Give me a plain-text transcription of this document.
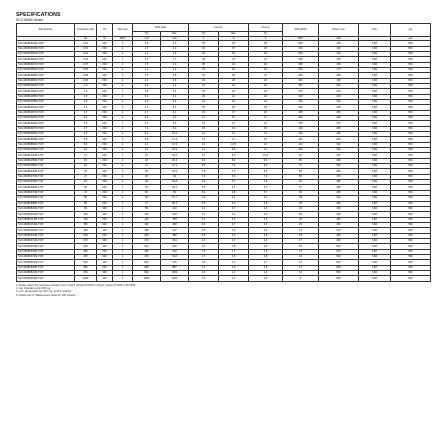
SPECIFICATIONS
SCC16080 Series
Part Number	Inductance (uH)	Tol	Test Freq	DCR (mΩ)		Isat (A)		Irms (A)	SRF (MHz)	Power Loss	Pkg	Qty
				Typ	Max	Typ	Max	Typ				
	uH	%	MHz	mΩ	mΩ	A	A	A	MHz	mW		pcs
SCC16080R10M-TOP	0.10	±20	1	0.9	1.2	45	40	38	800	120	T&R	500
SCC16080R15M-TOP	0.15	±20	1	1.0	1.3	42	37	36	700	130	T&R	500
SCC16080R22M-TOP	0.22	±20	1	1.1	1.5	40	35	34	600	140	T&R	500
SCC16080R33M-TOP	0.33	±20	1	1.3	1.7	38	33	32	500	150	T&R	500
SCC16080R47M-TOP	0.47	±20	1	1.5	2.0	35	31	30	450	160	T&R	500
SCC16080R56M-TOP	0.56	±20	1	1.7	2.2	33	29	29	400	170	T&R	500
SCC16080R68M-TOP	0.68	±20	1	1.9	2.5	31	28	27	360	180	T&R	500
SCC16080R82M-TOP	0.82	±20	1	2.2	2.8	29	26	26	330	190	T&R	500
SCC160801R0M-TOP	1.0	±20	1	2.5	3.2	27	24	25	300	200	T&R	500
SCC160801R2M-TOP	1.2	±20	1	2.8	3.6	25	22	23	270	210	T&R	500
SCC160801R5M-TOP	1.5	±20	1	3.2	4.1	23	21	22	240	220	T&R	500
SCC160801R8M-TOP	1.8	±20	1	3.6	4.6	22	20	21	220	230	T&R	500
SCC160802R2M-TOP	2.2	±20	1	4.1	5.3	20	18	19	200	240	T&R	500
SCC160802R7M-TOP	2.7	±20	1	4.7	6.1	19	17	18	180	250	T&R	500
SCC160803R3M-TOP	3.3	±20	1	5.4	7.0	17	15	17	160	260	T&R	500
SCC160803R9M-TOP	3.9	±20	1	6.2	8.0	16	14	16	150	270	T&R	500
SCC160804R7M-TOP	4.7	±20	1	7.1	9.2	15	13	15	140	280	T&R	500
SCC160805R6M-TOP	5.6	±20	1	8.2	10.6	14	12	14	130	290	T&R	500
SCC160806R8M-TOP	6.8	±20	1	9.5	12.3	13	11	13	120	300	T&R	500
SCC160808R2M-TOP	8.2	±20	1	11	14.3	12	10.5	12	110	310	T&R	500
SCC16080100M-TOP	10	±20	1	13	16.9	11	9.8	11	100	320	T&R	500
SCC16080120M-TOP	12	±20	1	15	19.5	10	9.0	10.5	90	330	T&R	500
SCC16080150M-TOP	15	±20	1	18	23.4	9.2	8.2	9.6	80	340	T&R	500
SCC16080180M-TOP	18	±20	1	21	27.3	8.5	7.6	8.9	72	350	T&R	500
SCC16080220M-TOP	22	±20	1	25	32.5	7.8	7.0	8.1	65	360	T&R	500
SCC16080270M-TOP	27	±20	1	30	39	7.0	6.3	7.4	58	370	T&R	500
SCC16080330M-TOP	33	±20	1	36	46.8	6.4	5.7	6.8	52	380	T&R	500
SCC16080390M-TOP	39	±20	1	42	54.6	5.9	5.3	6.3	47	390	T&R	500
SCC16080470M-TOP	47	±20	1	50	65	5.4	4.8	5.7	43	400	T&R	500
SCC16080560M-TOP	56	±20	1	59	76.7	4.9	4.4	5.2	39	410	T&R	500
SCC16080680M-TOP	68	±20	1	71	92.3	4.5	4.0	4.8	35	420	T&R	500
SCC16080820M-TOP	82	±20	1	85	110	4.1	3.7	4.4	32	430	T&R	500
SCC16080101M-TOP	100	±20	1	102	133	3.7	3.3	4.0	29	440	T&R	500
SCC16080121M-TOP	120	±20	1	122	159	3.4	3.0	3.6	26	450	T&R	500
SCC16080151M-TOP	150	±20	1	152	198	3.0	2.7	3.2	23	460	T&R	500
SCC16080181M-TOP	180	±20	1	182	237	2.8	2.5	2.9	21	470	T&R	500
SCC16080221M-TOP	220	±20	1	222	289	2.5	2.2	2.6	19	480	T&R	500
SCC16080271M-TOP	270	±20	1	272	354	2.3	2.0	2.4	17	490	T&R	500
SCC16080331M-TOP	330	±20	1	332	432	2.1	1.8	2.2	15	500	T&R	500
SCC16080391M-TOP	390	±20	1	392	510	1.9	1.7	2.0	14	510	T&R	500
SCC16080471M-TOP	470	±20	1	472	614	1.7	1.5	1.8	13	520	T&R	500
SCC16080561M-TOP	560	±20	1	562	731	1.6	1.4	1.7	12	530	T&R	500
SCC16080681M-TOP	680	±20	1	682	887	1.4	1.3	1.5	11	540	T&R	500
SCC16080821M-TOP	820	±20	1	822	1069	1.3	1.2	1.4	10	550	T&R	500
SCC16080102M-TOP	1000	±20	1	1002	1303	1.2	1.1	1.3	9	560	T&R	500
1. Please specify the inductance tolerance. For L<10uH, choose M=±20%; L≥10uH, choose K=±10% or M=±20%.
2. Isat: Inductance drop 30% typ.
3. Irms: Temperature rise 40°C typ. at 25°C ambient.
4. Please refer to "Measurement Notes for TOP Inductor".
